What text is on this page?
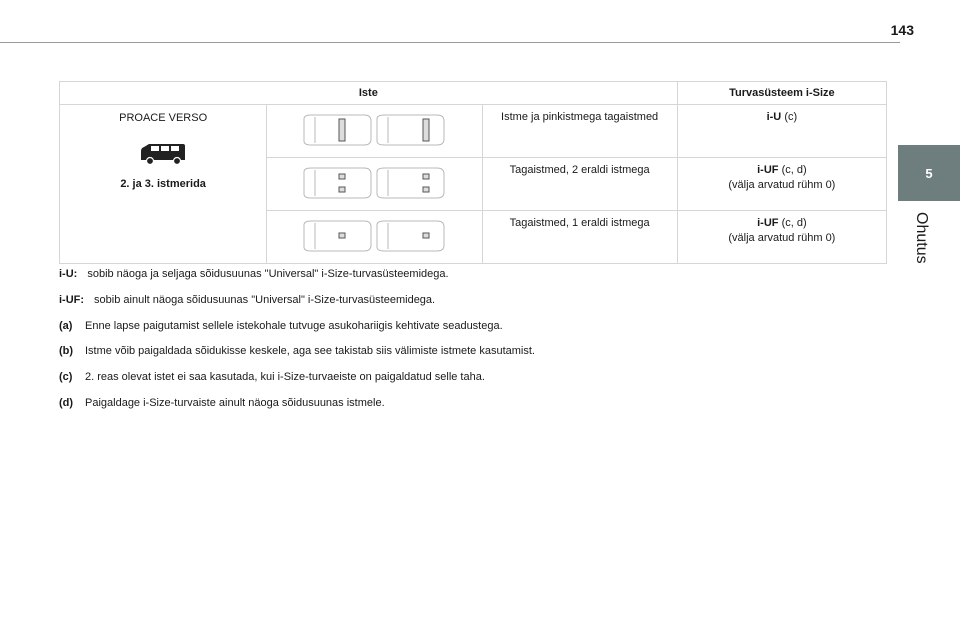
143
5
Ohutus
Iste			Turvasüsteem i-Size

PROACE VERSO
2. ja 3. istmerida		Istme ja pinkistmega tagaistmed	i-U (c)

Tagaistmed, 2 eraldi istmega	i-UF (c, d)
(välja arvatud rühm 0)

Tagaistmed, 1 eraldi istmega	i-UF (c, d)
(välja arvatud rühm 0)
i-U: sobib näoga ja seljaga sõidusuunas "Universal" i-Size-turvasüsteemidega.
i-UF: sobib ainult näoga sõidusuunas "Universal" i-Size-turvasüsteemidega.
(a)	Enne lapse paigutamist sellele istekohale tutvuge asukohariigis kehtivate seadustega.
(b)	Istme võib paigaldada sõidukisse keskele, aga see takistab siis välimiste istmete kasutamist.
(c)	2. reas olevat istet ei saa kasutada, kui i-Size-turvaeiste on paigaldatud selle taha.
(d)	Paigaldage i-Size-turvaiste ainult näoga sõidusuunas istmele.
